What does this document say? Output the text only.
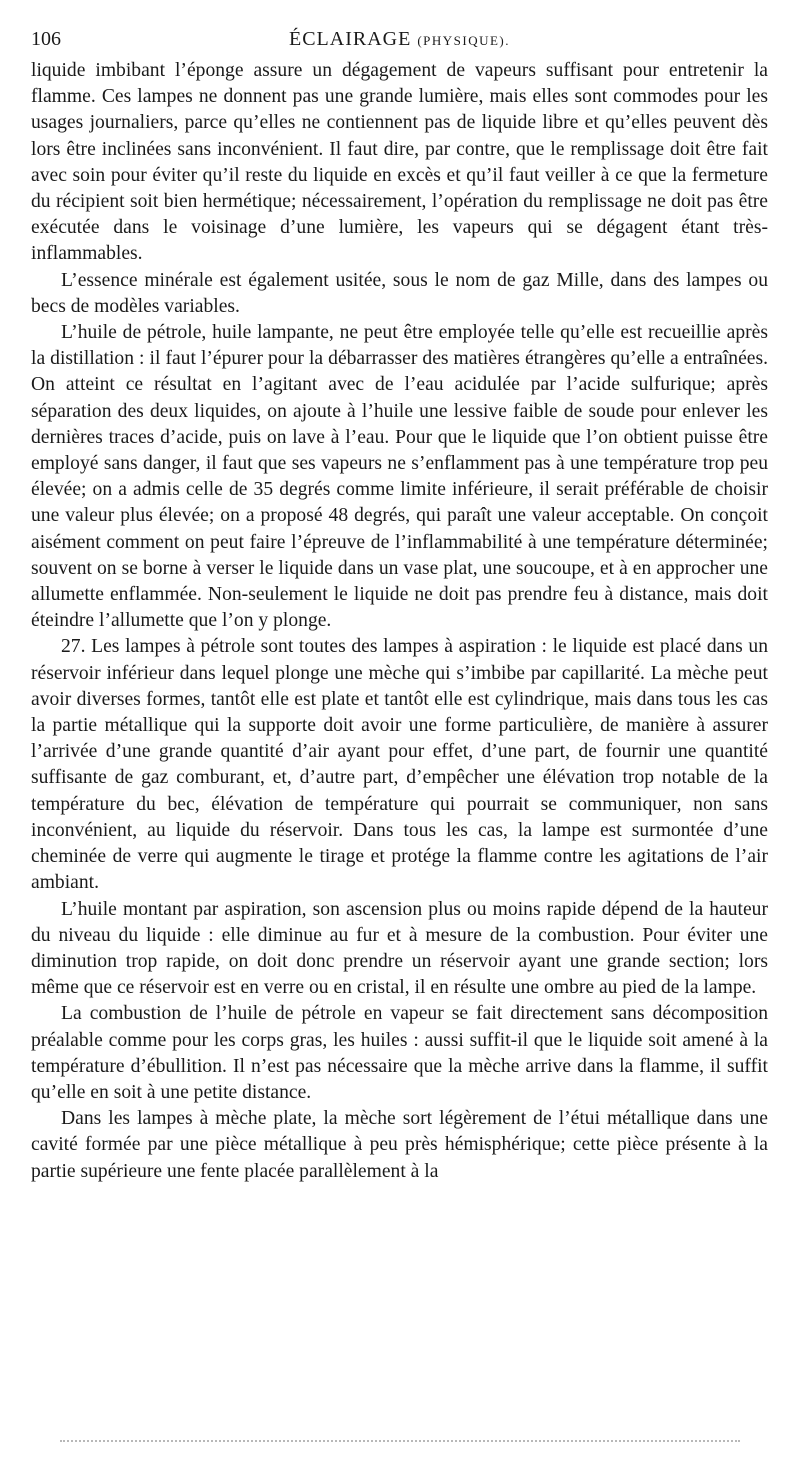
106	ÉCLAIRAGE (PHYSIQUE).

liquide imbibant l’éponge assure un dégagement de vapeurs suffisant pour entretenir la flamme. Ces lampes ne donnent pas une grande lumière, mais elles sont commodes pour les usages journaliers, parce qu’elles ne contiennent pas de liquide libre et qu’elles peuvent dès lors être inclinées sans inconvénient. Il faut dire, par contre, que le remplissage doit être fait avec soin pour éviter qu’il reste du liquide en excès et qu’il faut veiller à ce que la fermeture du récipient soit bien hermétique; nécessairement, l’opération du remplissage ne doit pas être exécutée dans le voisinage d’une lumière, les vapeurs qui se dégagent étant très-inflammables.

L’essence minérale est également usitée, sous le nom de gaz Mille, dans des lampes ou becs de modèles variables.

L’huile de pétrole, huile lampante, ne peut être employée telle qu’elle est recueillie après la distillation : il faut l’épurer pour la débarrasser des matières étrangères qu’elle a entraînées. On atteint ce résultat en l’agitant avec de l’eau acidulée par l’acide sulfurique; après séparation des deux liquides, on ajoute à l’huile une lessive faible de soude pour enlever les dernières traces d’acide, puis on lave à l’eau. Pour que le liquide que l’on obtient puisse être employé sans danger, il faut que ses vapeurs ne s’enflamment pas à une température trop peu élevée; on a admis celle de 35 degrés comme limite inférieure, il serait préférable de choisir une valeur plus élevée; on a proposé 48 degrés, qui paraît une valeur acceptable. On conçoit aisément comment on peut faire l’épreuve de l’inflammabilité à une température déterminée; souvent on se borne à verser le liquide dans un vase plat, une soucoupe, et à en approcher une allumette enflammée. Non-seulement le liquide ne doit pas prendre feu à distance, mais doit éteindre l’allumette que l’on y plonge.

27. Les lampes à pétrole sont toutes des lampes à aspiration : le liquide est placé dans un réservoir inférieur dans lequel plonge une mèche qui s’imbibe par capillarité. La mèche peut avoir diverses formes, tantôt elle est plate et tantôt elle est cylindrique, mais dans tous les cas la partie métallique qui la supporte doit avoir une forme particulière, de manière à assurer l’arrivée d’une grande quantité d’air ayant pour effet, d’une part, de fournir une quantité suffisante de gaz comburant, et, d’autre part, d’empêcher une élévation trop notable de la température du bec, élévation de température qui pourrait se communiquer, non sans inconvénient, au liquide du réservoir. Dans tous les cas, la lampe est surmontée d’une cheminée de verre qui augmente le tirage et protége la flamme contre les agitations de l’air ambiant.

L’huile montant par aspiration, son ascension plus ou moins rapide dépend de la hauteur du niveau du liquide : elle diminue au fur et à mesure de la combustion. Pour éviter une diminution trop rapide, on doit donc prendre un réservoir ayant une grande section; lors même que ce réservoir est en verre ou en cristal, il en résulte une ombre au pied de la lampe.

La combustion de l’huile de pétrole en vapeur se fait directement sans décomposition préalable comme pour les corps gras, les huiles : aussi suffit-il que le liquide soit amené à la température d’ébullition. Il n’est pas nécessaire que la mèche arrive dans la flamme, il suffit qu’elle en soit à une petite distance.

Dans les lampes à mèche plate, la mèche sort légèrement de l’étui métallique dans une cavité formée par une pièce métallique à peu près hémisphérique; cette pièce présente à la partie supérieure une fente placée parallèlement à la
